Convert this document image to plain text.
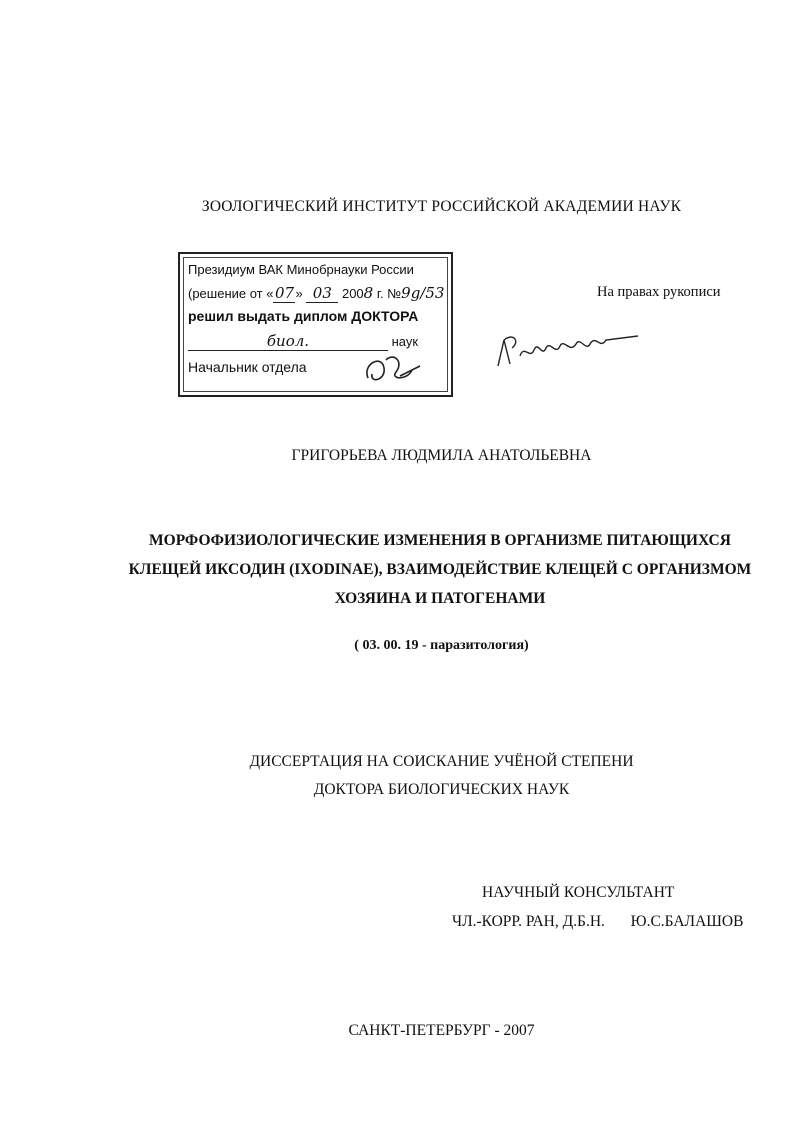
ЗООЛОГИЧЕСКИЙ ИНСТИТУТ РОССИЙСКОЙ АКАДЕМИИ НАУК
Президиум ВАК Минобрнауки России
(решение от «07» 03 2008 г. №9g/53
решил выдать диплом ДОКТОРА
биол.	наук
Начальник отдела
На правах рукописи
ГРИГОРЬЕВА ЛЮДМИЛА АНАТОЛЬЕВНА
МОРФОФИЗИОЛОГИЧЕСКИЕ ИЗМЕНЕНИЯ В ОРГАНИЗМЕ ПИТАЮЩИХСЯ КЛЕЩЕЙ ИКСОДИН (IXODINAE), ВЗАИМОДЕЙСТВИЕ КЛЕЩЕЙ С ОРГАНИЗМОМ ХОЗЯИНА И ПАТОГЕНАМИ
( 03. 00. 19 - паразитология)
ДИССЕРТАЦИЯ НА СОИСКАНИЕ УЧЁНОЙ СТЕПЕНИ
ДОКТОРА БИОЛОГИЧЕСКИХ НАУК
НАУЧНЫЙ КОНСУЛЬТАНТ
ЧЛ.-КОРР. РАН, Д.Б.Н. Ю.С.БАЛАШОВ
САНКТ-ПЕТЕРБУРГ - 2007
